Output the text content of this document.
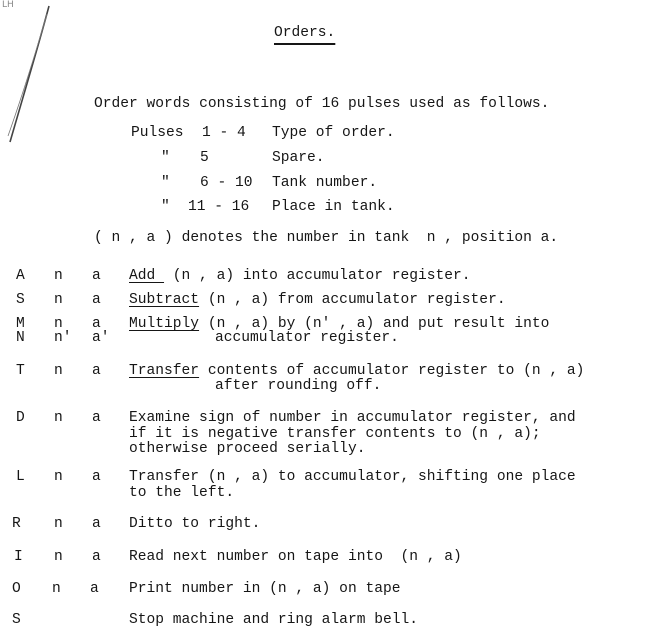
LH
Orders.
Order words consisting of 16 pulses used as follows.
Pulses 1 - 4 Type of order.
" 5	Spare.
" 6 - 10 Tank number.
" 11 - 16 Place in tank.
( n , a ) denotes the number in tank  n , position a.
A n a Add  (n , a) into accumulator register.
S n a Subtract (n , a) from accumulator register.
M
N
n
n'
a
a'
Multiply (n , a) by (n' , a) and put result into
accumulator register.
T n a Transfer contents of accumulator register to (n , a)
after rounding off.
D n a Examine sign of number in accumulator register, and
if it is negative transfer contents to (n , a);
otherwise proceed serially.
L n a Transfer (n , a) to accumulator, shifting one place
to the left.
R n a Ditto to right.
I n a Read next number on tape into  (n , a)
O n a Print number in (n , a) on tape
S	Stop machine and ring alarm bell.
